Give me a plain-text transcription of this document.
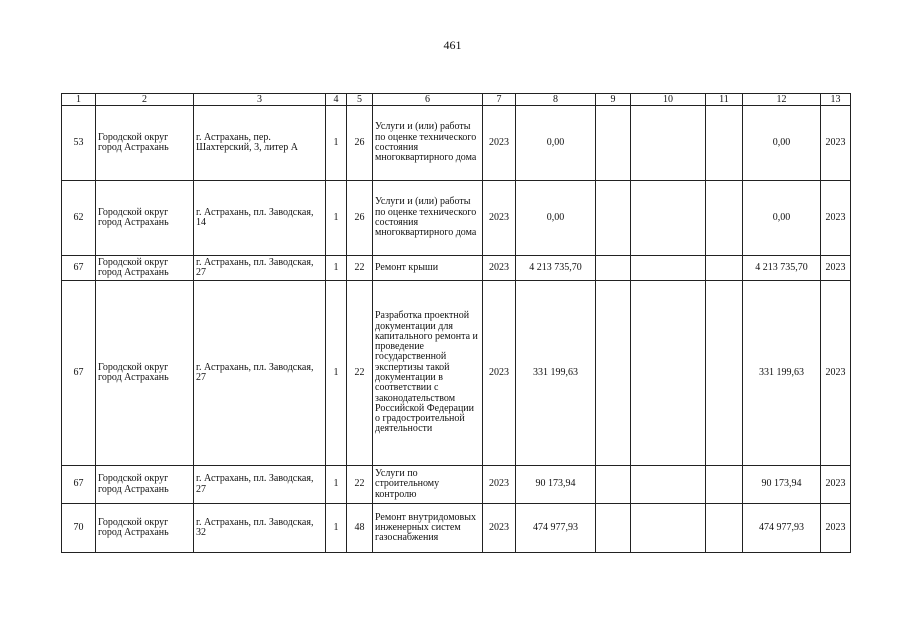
461
1	2	3	4	5	6	7	8	9	10	11	12	13
53	Городской округ город Астрахань	г. Астрахань, пер. Шахтерский, 3, литер А	1	26	Услуги и (или) работы по оценке технического состояния многоквартирного дома	2023	0,00				0,00	2023
62	Городской округ город Астрахань	г. Астрахань, пл. Заводская, 14	1	26	Услуги и (или) работы по оценке технического состояния многоквартирного дома	2023	0,00				0,00	2023
67	Городской округ город Астрахань	г. Астрахань, пл. Заводская, 27	1	22	Ремонт крыши	2023	4 213 735,70				4 213 735,70	2023
67	Городской округ город Астрахань	г. Астрахань, пл. Заводская, 27	1	22	Разработка проектной документации для капитального ремонта и проведение государственной экспертизы такой документации в соответствии с законодательством Российской Федерации о градостроительной деятельности	2023	331 199,63				331 199,63	2023
67	Городской округ город Астрахань	г. Астрахань, пл. Заводская, 27	1	22	Услуги по строительному контролю	2023	90 173,94				90 173,94	2023
70	Городской округ город Астрахань	г. Астрахань, пл. Заводская, 32	1	48	Ремонт внутридомовых инженерных систем газоснабжения	2023	474 977,93				474 977,93	2023
